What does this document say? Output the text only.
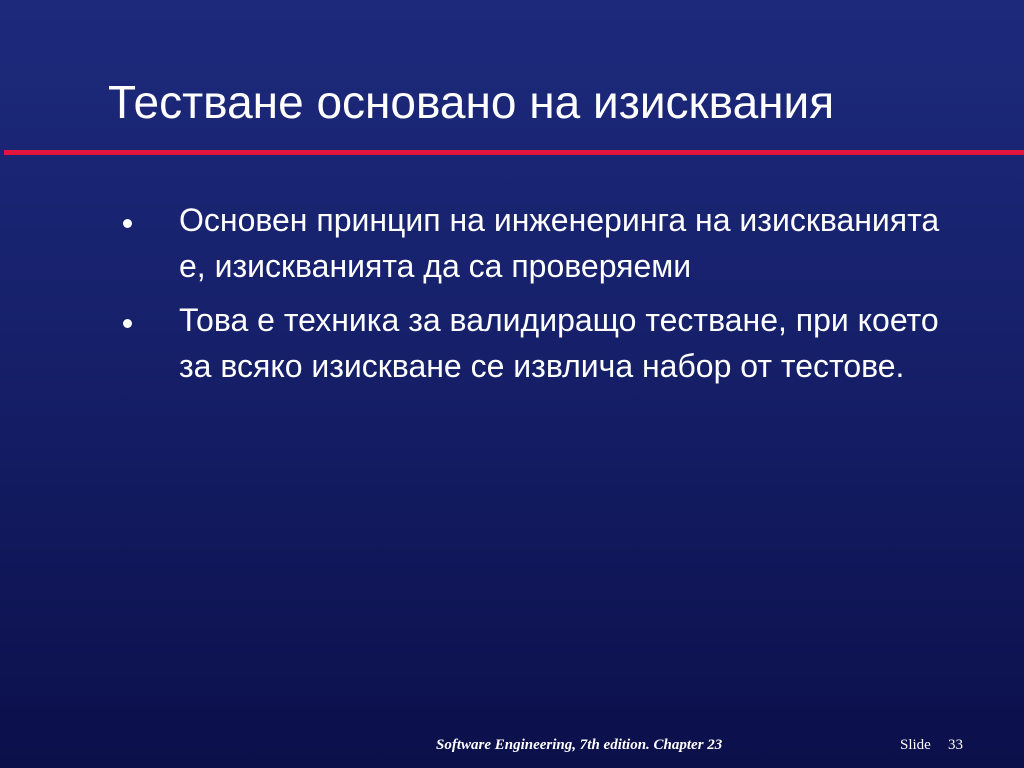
Тестване основано на изисквания
Основен принцип на инженеринга на изискванията е, изискванията да са проверяеми
Това е техника за валидиращо тестване, при което за всяко изискване се извлича набор от тестове.
Software Engineering, 7th edition. Chapter 23	Slide 33
